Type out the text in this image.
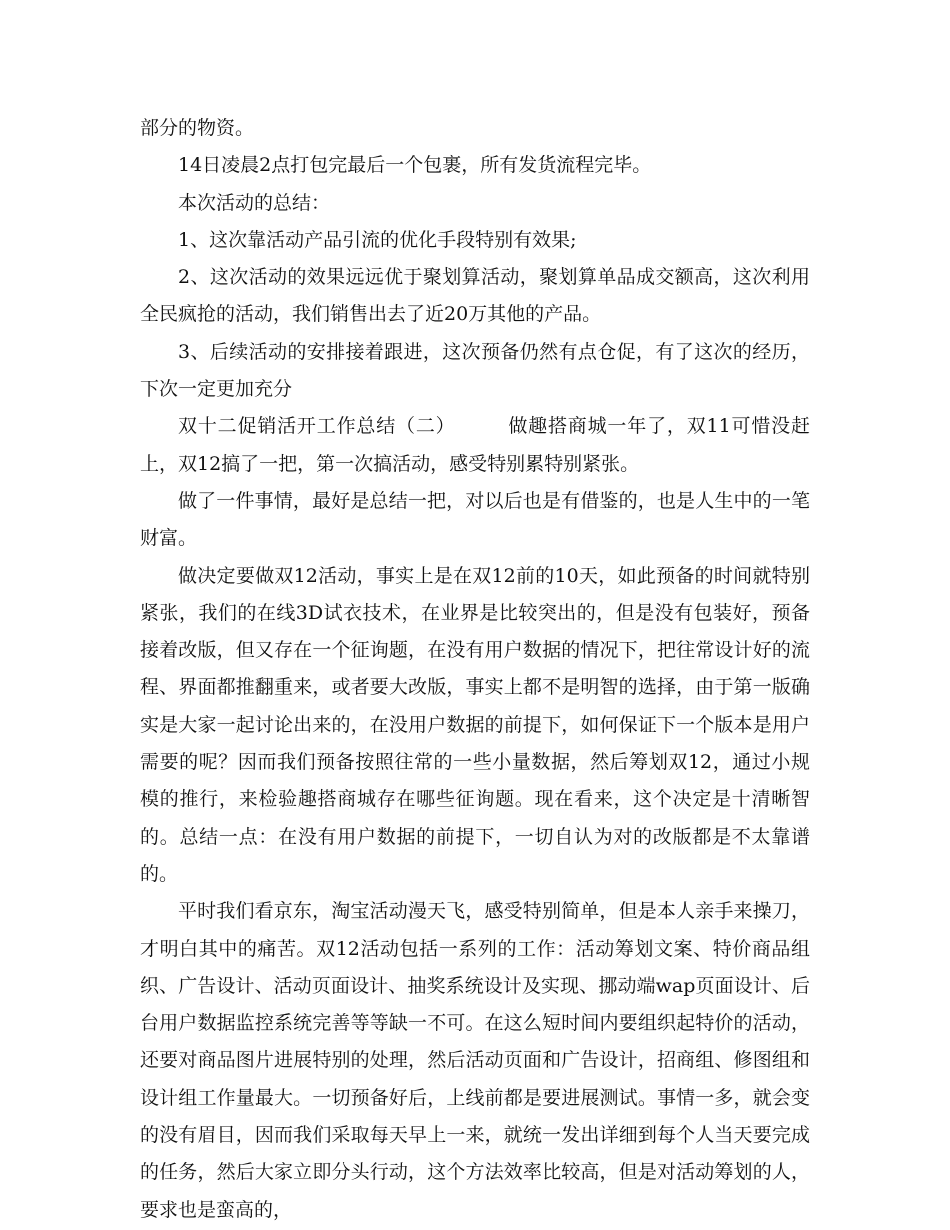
部分的物资。

14日凌晨2点打包完最后一个包裹，所有发货流程完毕。

本次活动的总结：

1、这次靠活动产品引流的优化手段特别有效果;

2、这次活动的效果远远优于聚划算活动，聚划算单品成交额高，这次利用全民疯抢的活动，我们销售出去了近20万其他的产品。

3、后续活动的安排接着跟进，这次预备仍然有点仓促，有了这次的经历，下次一定更加充分

双十二促销活开工作总结（二）	做趣搭商城一年了，双11可惜没赶上，双12搞了一把，第一次搞活动，感受特别累特别紧张。

做了一件事情，最好是总结一把，对以后也是有借鉴的，也是人生中的一笔财富。

做决定要做双12活动，事实上是在双12前的10天，如此预备的时间就特别紧张，我们的在线3D试衣技术，在业界是比较突出的，但是没有包装好，预备接着改版，但又存在一个征询题，在没有用户数据的情况下，把往常设计好的流程、界面都推翻重来，或者要大改版，事实上都不是明智的选择，由于第一版确实是大家一起讨论出来的，在没用户数据的前提下，如何保证下一个版本是用户需要的呢？因而我们预备按照往常的一些小量数据，然后筹划双12，通过小规模的推行，来检验趣搭商城存在哪些征询题。现在看来，这个决定是十清晰智的。总结一点：在没有用户数据的前提下，一切自认为对的改版都是不太靠谱的。

平时我们看京东，淘宝活动漫天飞，感受特别简单，但是本人亲手来操刀，才明白其中的痛苦。双12活动包括一系列的工作：活动筹划文案、特价商品组织、广告设计、活动页面设计、抽奖系统设计及实现、挪动端wap页面设计、后台用户数据监控系统完善等等缺一不可。在这么短时间内要组织起特价的活动，还要对商品图片进展特别的处理，然后活动页面和广告设计，招商组、修图组和设计组工作量最大。一切预备好后，上线前都是要进展测试。事情一多，就会变的没有眉目，因而我们采取每天早上一来，就统一发出详细到每个人当天要完成的任务，然后大家立即分头行动，这个方法效率比较高，但是对活动筹划的人，要求也是蛮高的，
